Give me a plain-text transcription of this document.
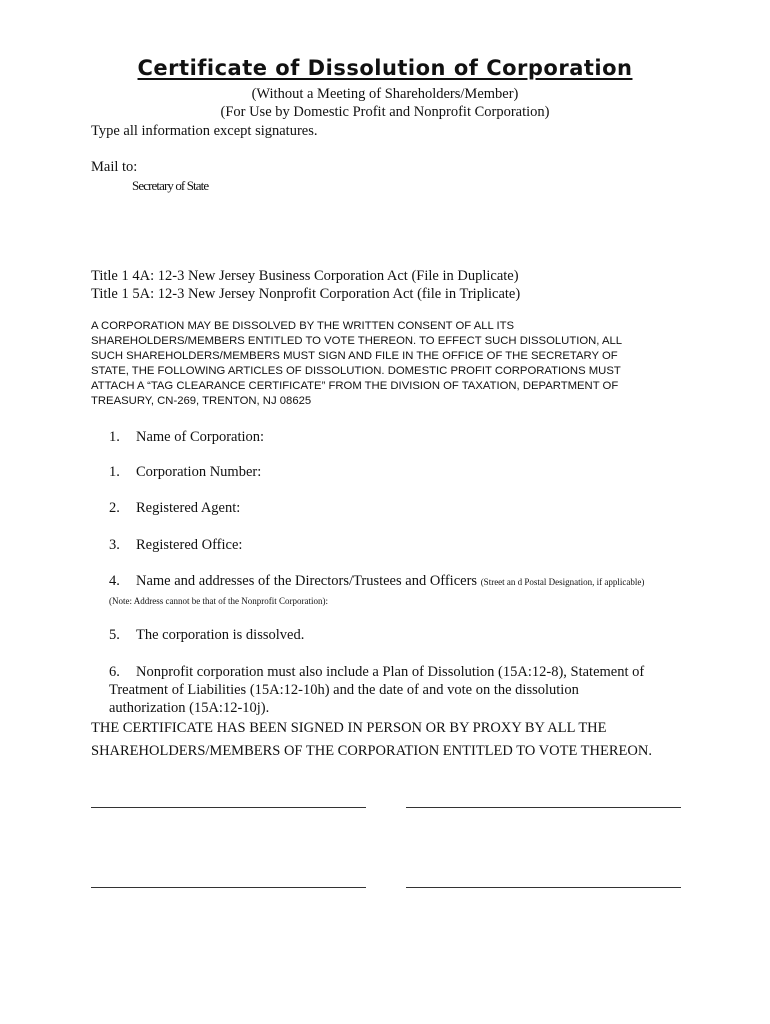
Certificate of Dissolution of Corporation

(Without a Meeting of Shareholders/Member)

(For Use by Domestic Profit and Nonprofit Corporation)

Type all information except signatures.

Mail to:

Secretary of State

Title 1 4A: 12-3 New Jersey Business Corporation Act (File in Duplicate)

Title 1 5A: 12-3 New Jersey Nonprofit Corporation Act (file in Triplicate)

A CORPORATION MAY BE DISSOLVED BY THE WRITTEN CONSENT OF ALL ITS
SHAREHOLDERS/MEMBERS ENTITLED TO VOTE THEREON. TO EFFECT SUCH DISSOLUTION, ALL
SUCH SHAREHOLDERS/MEMBERS MUST SIGN AND FILE IN THE OFFICE OF THE SECRETARY OF
STATE, THE FOLLOWING ARTICLES OF DISSOLUTION. DOMESTIC PROFIT CORPORATIONS MUST
ATTACH A “TAG CLEARANCE CERTIFICATE” FROM THE DIVISION OF TAXATION, DEPARTMENT OF
TREASURY, CN-269, TRENTON, NJ 08625
1. Name of Corporation:
1. Corporation Number:
2. Registered Agent:
3. Registered Office:
4. Name and addresses of the Directors/Trustees and Officers (Street an d Postal Designation, if applicable)
(Note: Address cannot be that of the Nonprofit Corporation):
5. The corporation is dissolved.
6. Nonprofit corporation must also include a Plan of Dissolution (15A:12-8), Statement of
Treatment of Liabilities (15A:12-10h) and the date of and vote on the dissolution
authorization (15A:12-10j).

THE CERTIFICATE HAS BEEN SIGNED IN PERSON OR BY PROXY BY ALL THE

SHAREHOLDERS/MEMBERS OF THE CORPORATION ENTITLED TO VOTE THEREON.
